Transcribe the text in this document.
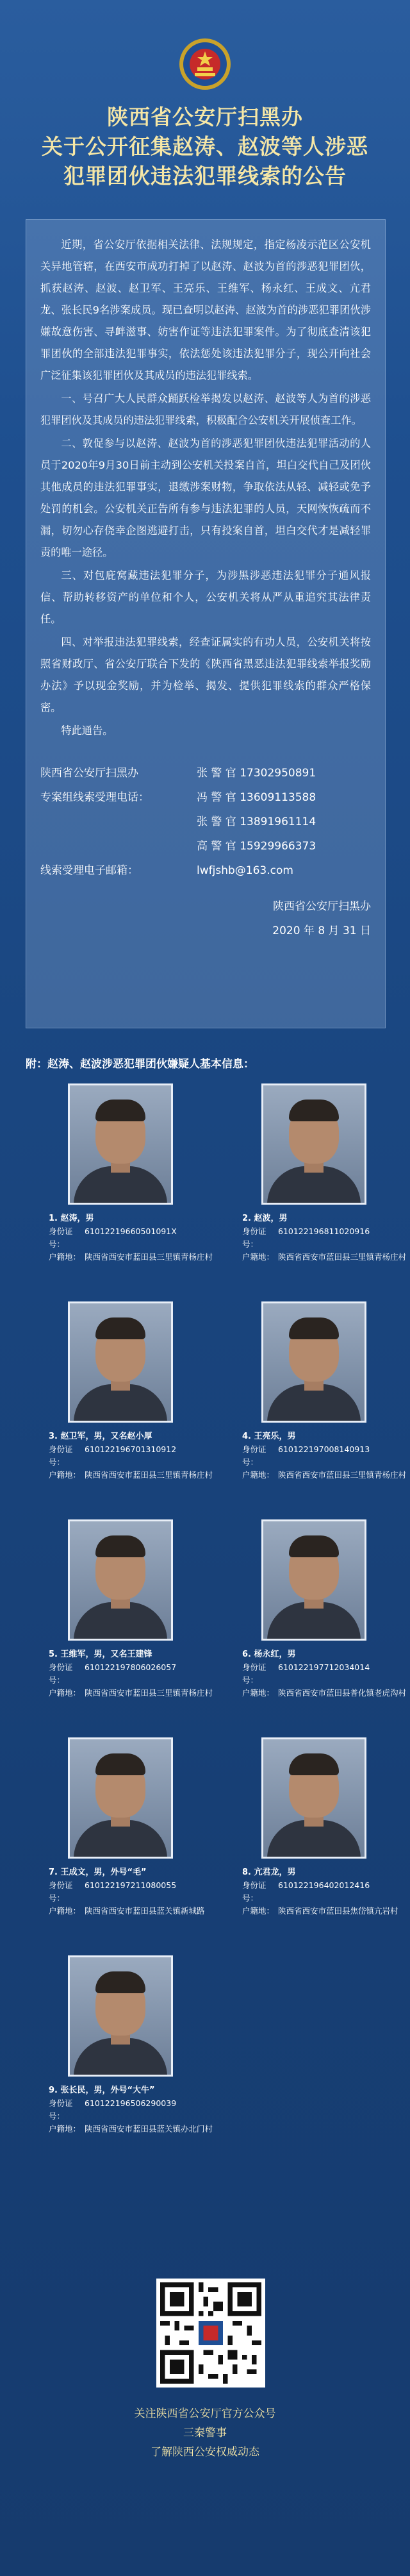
陕西省公安厅扫黑办
关于公开征集赵涛、赵波等人涉恶
犯罪团伙违法犯罪线索的公告

近期，省公安厅依据相关法律、法规规定，指定杨凌示范区公安机关异地管辖，在西安市成功打掉了以赵涛、赵波为首的涉恶犯罪团伙，抓获赵涛、赵波、赵卫军、王亮乐、王维军、杨永红、王成文、亢君龙、张长民9名涉案成员。现已查明以赵涛、赵波为首的涉恶犯罪团伙涉嫌故意伤害、寻衅滋事、妨害作证等违法犯罪案件。为了彻底查清该犯罪团伙的全部违法犯罪事实，依法惩处该违法犯罪分子，现公开向社会广泛征集该犯罪团伙及其成员的违法犯罪线索。

一、号召广大人民群众踊跃检举揭发以赵涛、赵波等人为首的涉恶犯罪团伙及其成员的违法犯罪线索，积极配合公安机关开展侦查工作。

二、敦促参与以赵涛、赵波为首的涉恶犯罪团伙违法犯罪活动的人员于2020年9月30日前主动到公安机关投案自首，坦白交代自己及团伙其他成员的违法犯罪事实，退缴涉案财物，争取依法从轻、减轻或免予处罚的机会。公安机关正告所有参与违法犯罪的人员，天网恢恢疏而不漏，切勿心存侥幸企图逃避打击，只有投案自首，坦白交代才是减轻罪责的唯一途径。

三、对包庇窝藏违法犯罪分子，为涉黑涉恶违法犯罪分子通风报信、帮助转移资产的单位和个人，公安机关将从严从重追究其法律责任。

四、对举报违法犯罪线索，经查证属实的有功人员，公安机关将按照省财政厅、省公安厅联合下发的《陕西省黑恶违法犯罪线索举报奖励办法》予以现金奖励，并为检举、揭发、提供犯罪线索的群众严格保密。

特此通告。

陕西省公安厅扫黑办	张 警 官 17302950891
专案组线索受理电话：	冯 警 官 13609113588
张 警 官 13891961114
高 警 官 15929966373
线索受理电子邮箱：	lwfjshb@163.com
陕西省公安厅扫黑办
2020 年 8 月 31 日
附：赵涛、赵波涉恶犯罪团伙嫌疑人基本信息：
1. 赵涛，男
身份证号：
61012219660501091X
户籍地： 陕西省西安市蓝田县三里镇青杨庄村
2. 赵波，男
身份证号：
610122196811020916
户籍地： 陕西省西安市蓝田县三里镇青杨庄村
3. 赵卫军，男，又名赵小厚
身份证号：
610122196701310912
户籍地： 陕西省西安市蓝田县三里镇青杨庄村
4. 王亮乐，男
身份证号：
610122197008140913
户籍地： 陕西省西安市蓝田县三里镇青杨庄村
5. 王维军，男，又名王建锋
身份证号：
610122197806026057
户籍地： 陕西省西安市蓝田县三里镇青杨庄村
6. 杨永红，男
身份证号：
610122197712034014
户籍地： 陕西省西安市蓝田县普化镇老虎沟村
7. 王成文，男，外号“毛”
身份证号：
610122197211080055
户籍地： 陕西省西安市蓝田县蓝关镇新城路
8. 亢君龙，男
身份证号：
610122196402012416
户籍地： 陕西省西安市蓝田县焦岱镇亢岩村
9. 张长民，男，外号“大牛”
身份证号：
610122196506290039
户籍地： 陕西省西安市蓝田县蓝关镇办北门村
关注陕西省公安厅官方公众号
三秦警事
了解陕西公安权威动态
